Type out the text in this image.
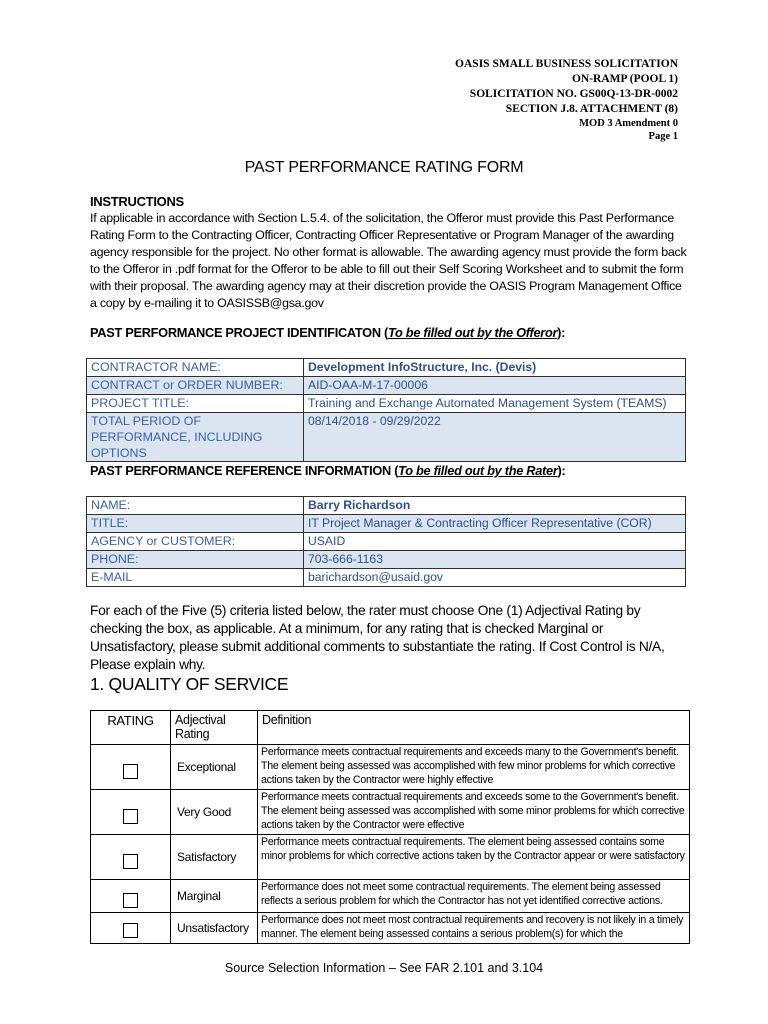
OASIS SMALL BUSINESS SOLICITATION
ON-RAMP (POOL 1)
SOLICITATION NO. GS00Q-13-DR-0002
SECTION J.8. ATTACHMENT (8)
MOD 3 Amendment 0
Page 1
PAST PERFORMANCE RATING FORM
INSTRUCTIONS
If applicable in accordance with Section L.5.4. of the solicitation, the Offeror must provide this Past Performance Rating Form to the Contracting Officer, Contracting Officer Representative or Program Manager of the awarding agency responsible for the project. No other format is allowable. The awarding agency must provide the form back to the Offeror in .pdf format for the Offeror to be able to fill out their Self Scoring Worksheet and to submit the form with their proposal. The awarding agency may at their discretion provide the OASIS Program Management Office a copy by e-mailing it to OASISSB@gsa.gov
PAST PERFORMANCE PROJECT IDENTIFICATON (To be filled out by the Offeror):
CONTRACTOR NAME:	Development InfoStructure, Inc. (Devis)
CONTRACT or ORDER NUMBER:	AID-OAA-M-17-00006
PROJECT TITLE:	Training and Exchange Automated Management System (TEAMS)
TOTAL PERIOD OF PERFORMANCE, INCLUDING OPTIONS	08/14/2018 - 09/29/2022
PAST PERFORMANCE REFERENCE INFORMATION (To be filled out by the Rater):
NAME:	Barry Richardson
TITLE:	IT Project Manager & Contracting Officer Representative (COR)
AGENCY or CUSTOMER:	USAID
PHONE:	703-666-1163
E-MAIL	barichardson@usaid.gov
For each of the Five (5) criteria listed below, the rater must choose One (1) Adjectival Rating by checking the box, as applicable. At a minimum, for any rating that is checked Marginal or Unsatisfactory, please submit additional comments to substantiate the rating. If Cost Control is N/A, Please explain why.
1. QUALITY OF SERVICE
RATING	Adjectival Rating	Definition
	Exceptional	Performance meets contractual requirements and exceeds many to the Government's benefit. The element being assessed was accomplished with few minor problems for which corrective actions taken by the Contractor were highly effective
	Very Good	Performance meets contractual requirements and exceeds some to the Government's benefit. The element being assessed was accomplished with some minor problems for which corrective actions taken by the Contractor were effective
	Satisfactory	Performance meets contractual requirements. The element being assessed contains some minor problems for which corrective actions taken by the Contractor appear or were satisfactory
	Marginal	Performance does not meet some contractual requirements. The element being assessed reflects a serious problem for which the Contractor has not yet identified corrective actions.
	Unsatisfactory	Performance does not meet most contractual requirements and recovery is not likely in a timely manner. The element being assessed contains a serious problem(s) for which the
Source Selection Information – See FAR 2.101 and 3.104
